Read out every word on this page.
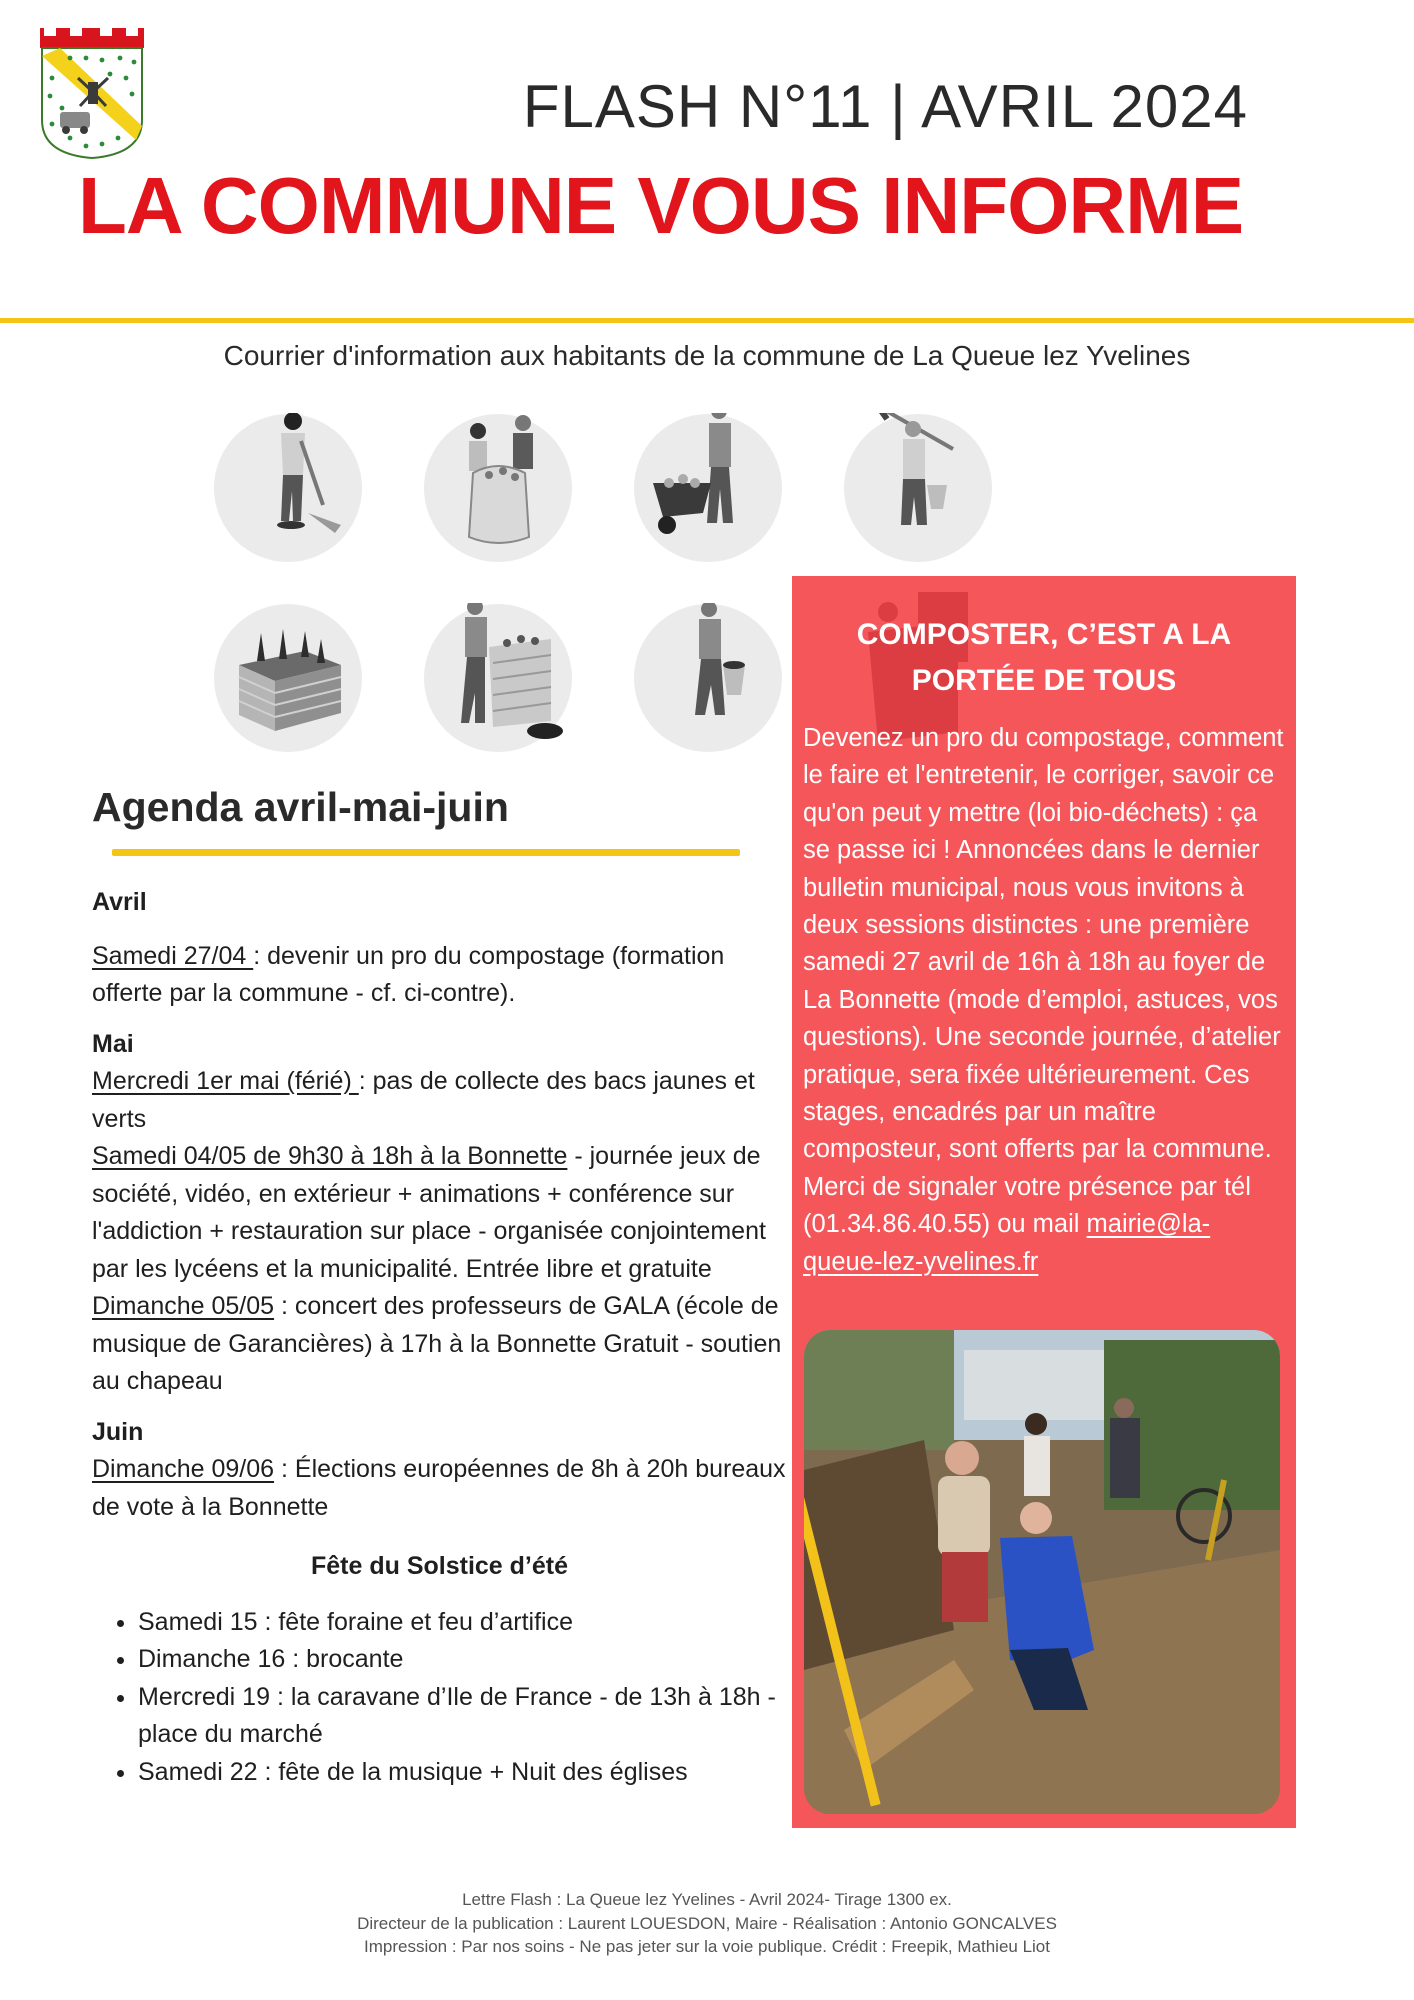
FLASH N°11 | AVRIL 2024
LA COMMUNE VOUS INFORME
Courrier d'information aux habitants de la commune de La Queue lez Yvelines
Agenda avril-mai-juin

Avril

Samedi 27/04 : devenir un pro du compostage (formation offerte par la commune - cf. ci-contre).

Mai

Mercredi 1er mai (férié) : pas de collecte des bacs jaunes et verts

Samedi 04/05 de 9h30 à 18h à la Bonnette - journée jeux de société, vidéo, en extérieur + animations + conférence sur l'addiction + restauration sur place - organisée conjointement par les lycéens et la municipalité. Entrée libre et gratuite

Dimanche 05/05 : concert des professeurs de GALA (école de musique de Garancières) à 17h à la Bonnette Gratuit - soutien au chapeau

Juin

Dimanche 09/06 : Élections européennes de 8h à 20h bureaux de vote à la Bonnette

Fête du Solstice d’été

• Samedi 15 : fête foraine et feu d’artifice
• Dimanche 16 : brocante
• Mercredi 19 : la caravane d’Ile de France - de 13h à 18h - place du marché
• Samedi 22 : fête de la musique + Nuit des églises
COMPOSTER, C’EST A LA
PORTÉE DE TOUS
Devenez un pro du compostage, comment le faire et l'entretenir, le corriger, savoir ce qu'on peut y mettre (loi bio-déchets) : ça se passe ici ! Annoncées dans le dernier bulletin municipal, nous vous invitons à deux sessions distinctes : une première samedi 27 avril de 16h à 18h au foyer de La Bonnette (mode d’emploi, astuces, vos questions). Une seconde journée, d’atelier pratique, sera fixée ultérieurement. Ces stages, encadrés par un maître composteur, sont offerts par la commune. Merci de signaler votre présence par tél (01.34.86.40.55) ou mail mairie@la-queue-lez-yvelines.fr
Lettre Flash : La Queue lez Yvelines - Avril 2024- Tirage 1300 ex.
Directeur de la publication : Laurent LOUESDON, Maire - Réalisation : Antonio GONCALVES
Impression : Par nos soins - Ne pas jeter sur la voie publique. Crédit : Freepik, Mathieu Liot
